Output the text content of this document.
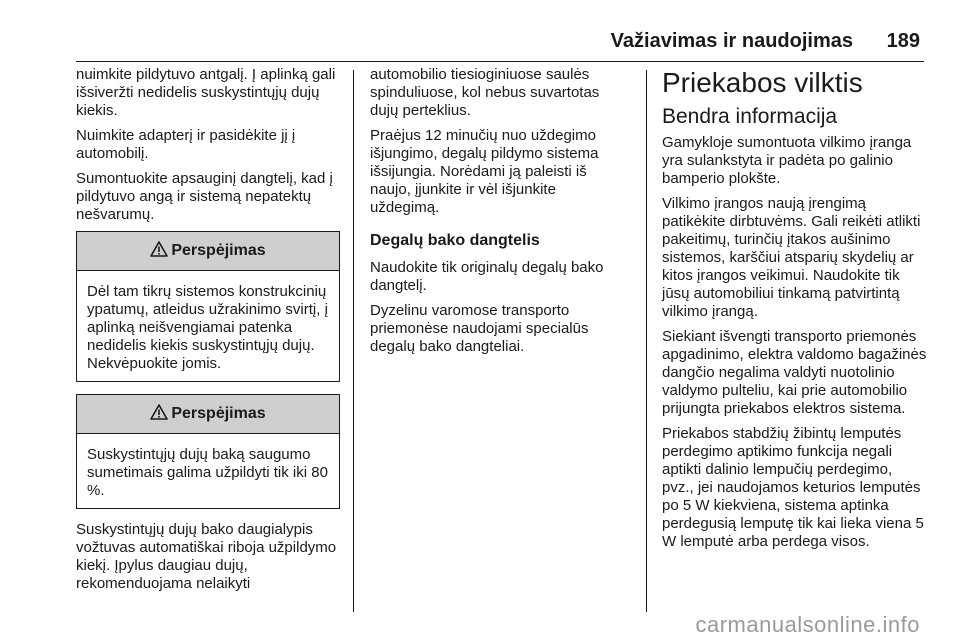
Važiavimas ir naudojimas 189

nuimkite pildytuvo antgalį. Į aplinką gali išsiveržti nedidelis suskystintųjų dujų kiekis.

Nuimkite adapterį ir pasidėkite jį į automobilį.

Sumontuokite apsauginį dangtelį, kad į pildytuvo angą ir sistemą nepatektų nešvarumų.

Perspėjimas

Dėl tam tikrų sistemos konstrukcinių ypatumų, atleidus užrakinimo svirtį, į aplinką neišvengiamai patenka nedidelis kiekis suskystintųjų dujų. Nekvėpuokite jomis.

Perspėjimas

Suskystintųjų dujų baką saugumo sumetimais galima užpildyti tik iki 80 %.

Suskystintųjų dujų bako daugialypis vožtuvas automatiškai riboja užpildymo kiekį. Įpylus daugiau dujų, rekomenduojama nelaikyti

automobilio tiesioginiuose saulės spinduliuose, kol nebus suvartotas dujų perteklius.

Praėjus 12 minučių nuo uždegimo išjungimo, degalų pildymo sistema išsijungia. Norėdami ją paleisti iš naujo, įjunkite ir vėl išjunkite uždegimą.

Degalų bako dangtelis

Naudokite tik originalų degalų bako dangtelį.

Dyzelinu varomose transporto priemonėse naudojami specialūs degalų bako dangteliai.

Priekabos vilktis
Bendra informacija

Gamykloje sumontuota vilkimo įranga yra sulankstyta ir padėta po galinio bamperio plokšte.

Vilkimo įrangos naują įrengimą patikėkite dirbtuvėms. Gali reikėti atlikti pakeitimų, turinčių įtakos aušinimo sistemos, karščiui atsparių skydelių ar kitos įrangos veikimui. Naudokite tik jūsų automobiliui tinkamą patvirtintą vilkimo įrangą.

Siekiant išvengti transporto priemonės apgadinimo, elektra valdomo bagažinės dangčio negalima valdyti nuotolinio valdymo pulteliu, kai prie automobilio prijungta priekabos elektros sistema.

Priekabos stabdžių žibintų lemputės perdegimo aptikimo funkcija negali aptikti dalinio lempučių perdegimo, pvz., jei naudojamos keturios lemputės po 5 W kiekviena, sistema aptinka perdegusią lemputę tik kai lieka viena 5 W lemputė arba perdega visos.

carmanualsonline.info
